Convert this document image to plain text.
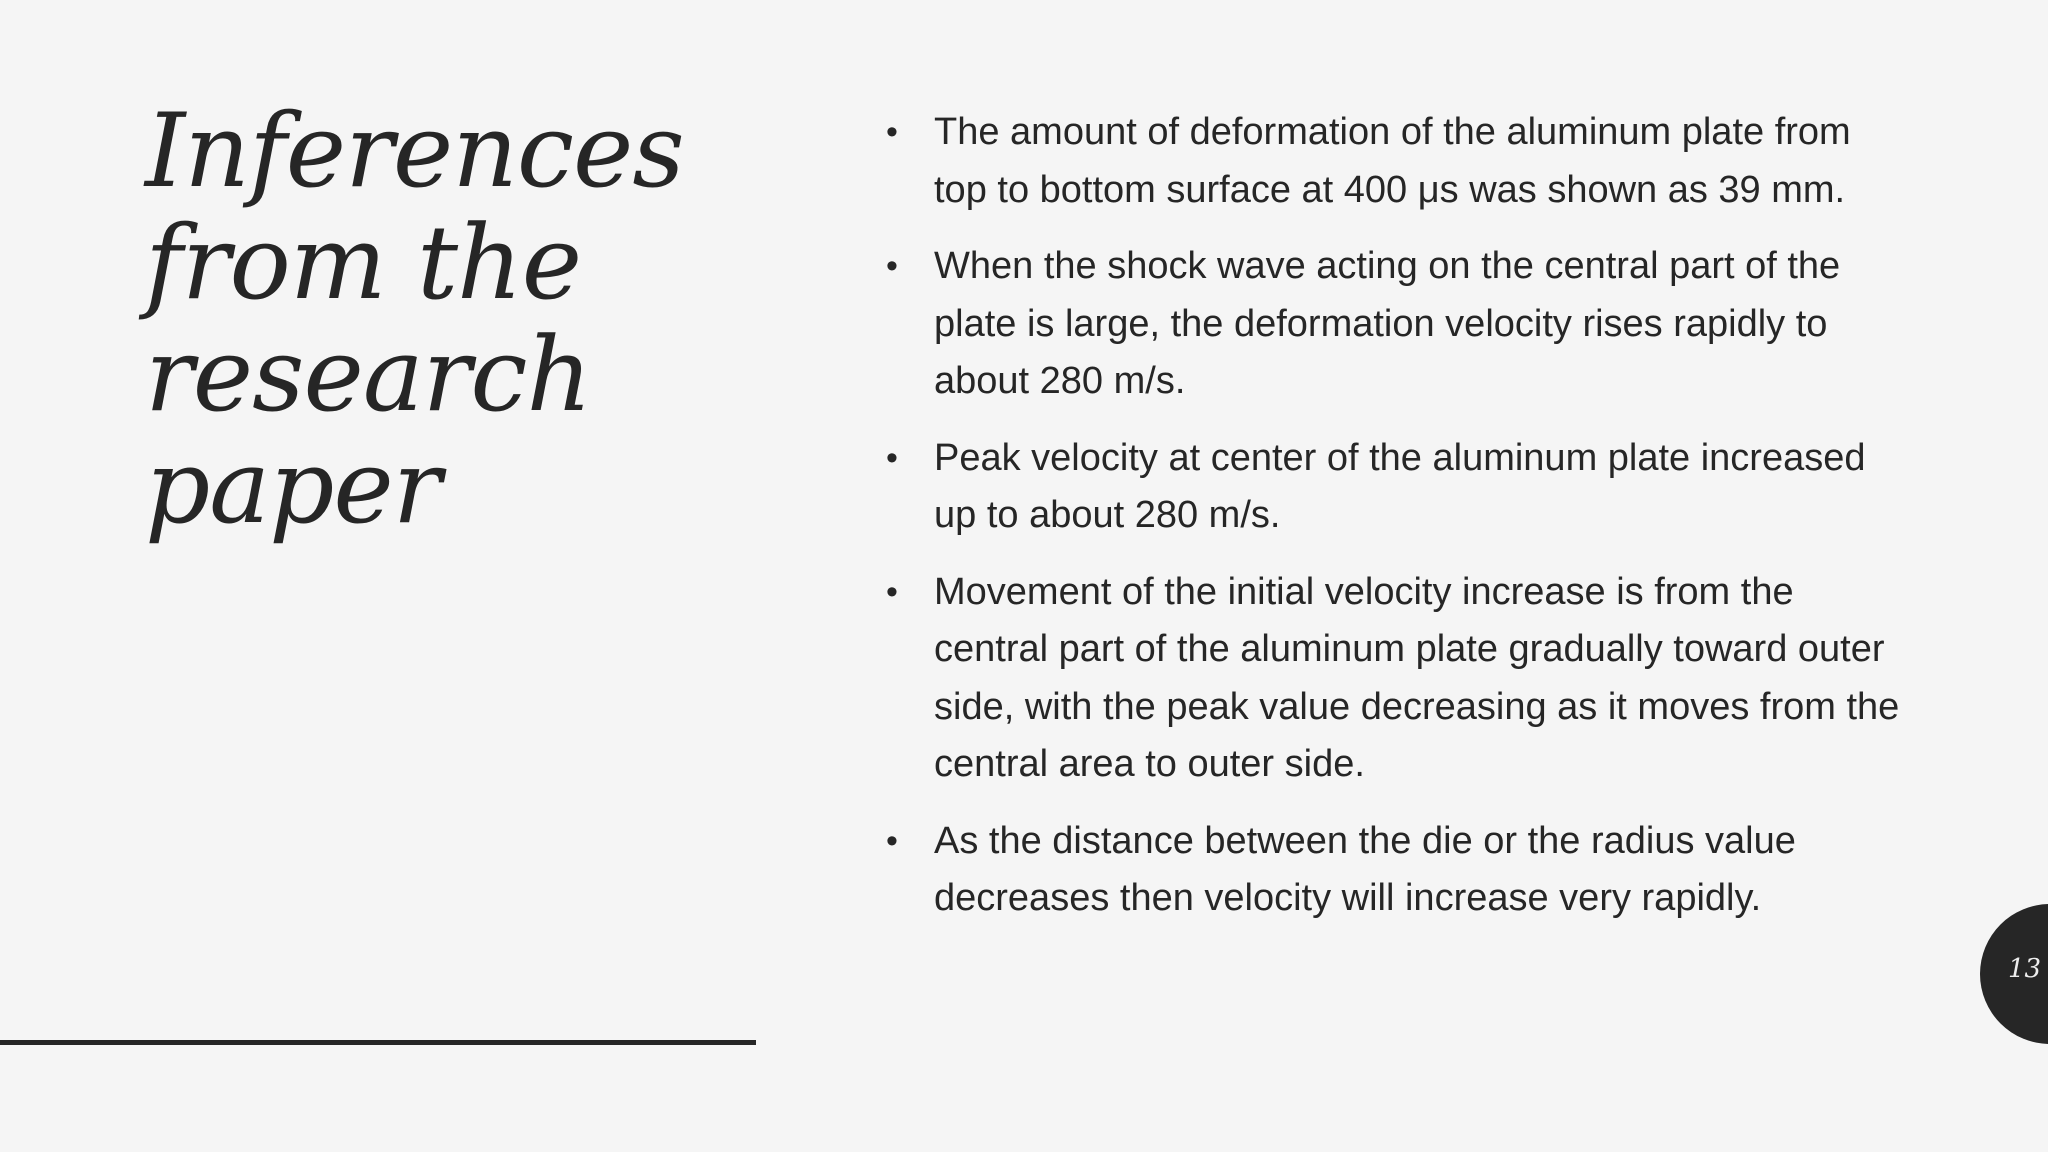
Inferences
from the
research
paper
• The amount of deformation of the aluminum plate from top to bottom surface at 400 μs was shown as 39 mm.
• When the shock wave acting on the central part of the plate is large, the deformation velocity rises rapidly to about 280 m/s.
• Peak velocity at center of the aluminum plate increased up to about 280 m/s.
• Movement of the initial velocity increase is from the central part of the aluminum plate gradually toward outer side, with the peak value decreasing as it moves from the central area to outer side.
• As the distance between the die or the radius value decreases then velocity will increase very rapidly.
13
